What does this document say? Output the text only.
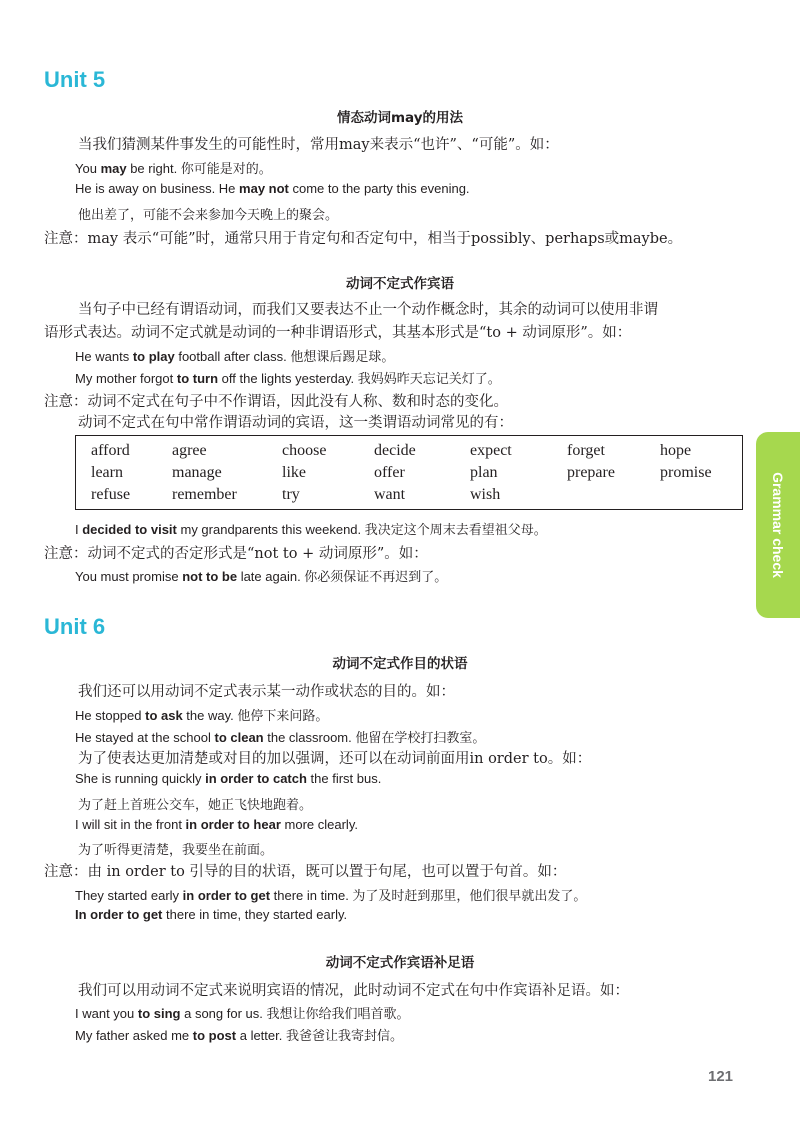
Unit 5
情态动词may的用法
当我们猜测某件事发生的可能性时，常用may来表示“也许”、“可能”。如：
You may be right. 你可能是对的。
He is away on business. He may not come to the party this evening.
他出差了，可能不会来参加今天晚上的聚会。
注意：may 表示“可能”时，通常只用于肯定句和否定句中，相当于possibly、perhaps或maybe。
动词不定式作宾语
当句子中已经有谓语动词，而我们又要表达不止一个动作概念时，其余的动词可以使用非谓
语形式表达。动词不定式就是动词的一种非谓语形式，其基本形式是“to + 动词原形”。如：
He wants to play football after class. 他想课后踢足球。
My mother forgot to turn off the lights yesterday. 我妈妈昨天忘记关灯了。
注意：动词不定式在句子中不作谓语，因此没有人称、数和时态的变化。
动词不定式在句中常作谓语动词的宾语，这一类谓语动词常见的有：
afford	agree	choose	decide	expect	forget	hope
learn	manage	like	offer	plan	prepare	promise
refuse	remember	try	want	wish
I decided to visit my grandparents this weekend. 我决定这个周末去看望祖父母。
注意：动词不定式的否定形式是“not to + 动词原形”。如：
You must promise not to be late again. 你必须保证不再迟到了。	Grammar check
Unit 6
动词不定式作目的状语
我们还可以用动词不定式表示某一动作或状态的目的。如：
He stopped to ask the way. 他停下来问路。
He stayed at the school to clean the classroom. 他留在学校打扫教室。
为了使表达更加清楚或对目的加以强调，还可以在动词前面用in order to。如：
She is running quickly in order to catch the first bus.
为了赶上首班公交车，她正飞快地跑着。
I will sit in the front in order to hear more clearly.
为了听得更清楚，我要坐在前面。
注意：由 in order to 引导的目的状语，既可以置于句尾，也可以置于句首。如：
They started early in order to get there in time. 为了及时赶到那里，他们很早就出发了。
In order to get there in time, they started early.
动词不定式作宾语补足语
我们可以用动词不定式来说明宾语的情况，此时动词不定式在句中作宾语补足语。如：
I want you to sing a song for us. 我想让你给我们唱首歌。
My father asked me to post a letter. 我爸爸让我寄封信。
121
